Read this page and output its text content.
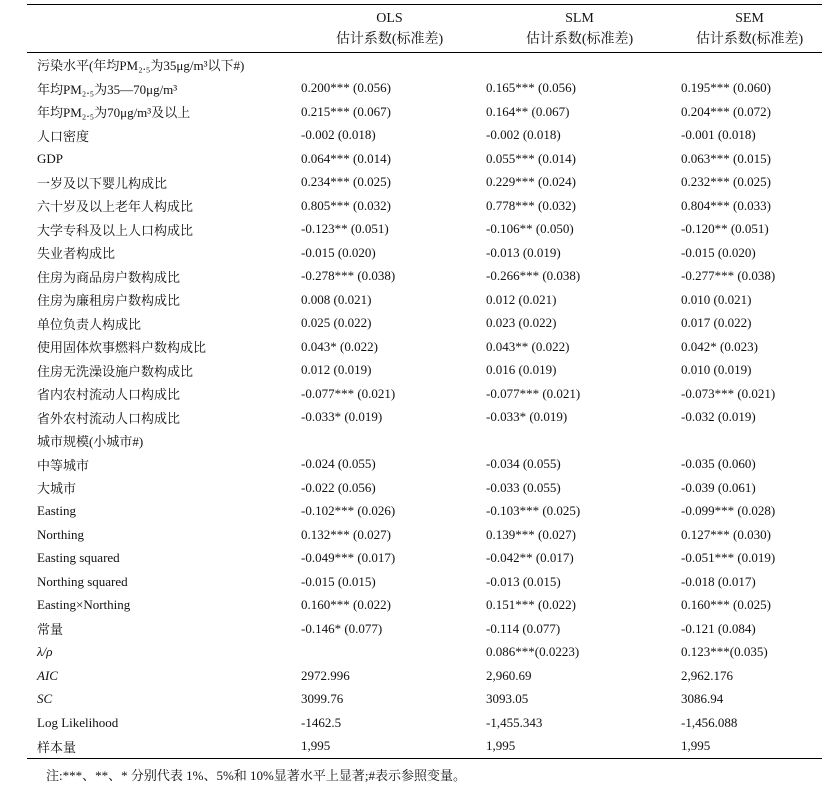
	OLS	SLM	SEM
	估计系数(标准差)	估计系数(标准差)	估计系数(标准差)
污染水平(年均PM₂.₅为35μg/m³以下#)			
年均PM₂.₅为35—70μg/m³	0.200*** (0.056)	0.165*** (0.056)	0.195*** (0.060)
年均PM₂.₅为70μg/m³及以上	0.215*** (0.067)	0.164** (0.067)	0.204*** (0.072)
人口密度	-0.002 (0.018)	-0.002 (0.018)	-0.001 (0.018)
GDP	0.064*** (0.014)	0.055*** (0.014)	0.063*** (0.015)
一岁及以下婴儿构成比	0.234*** (0.025)	0.229*** (0.024)	0.232*** (0.025)
六十岁及以上老年人构成比	0.805*** (0.032)	0.778*** (0.032)	0.804*** (0.033)
大学专科及以上人口构成比	-0.123** (0.051)	-0.106** (0.050)	-0.120** (0.051)
失业者构成比	-0.015 (0.020)	-0.013 (0.019)	-0.015 (0.020)
住房为商品房户数构成比	-0.278*** (0.038)	-0.266*** (0.038)	-0.277*** (0.038)
住房为廉租房户数构成比	0.008 (0.021)	0.012 (0.021)	0.010 (0.021)
单位负责人构成比	0.025 (0.022)	0.023 (0.022)	0.017 (0.022)
使用固体炊事燃料户数构成比	0.043* (0.022)	0.043** (0.022)	0.042* (0.023)
住房无洗澡设施户数构成比	0.012 (0.019)	0.016 (0.019)	0.010 (0.019)
省内农村流动人口构成比	-0.077*** (0.021)	-0.077*** (0.021)	-0.073*** (0.021)
省外农村流动人口构成比	-0.033* (0.019)	-0.033* (0.019)	-0.032 (0.019)
城市规模(小城市#)			
中等城市	-0.024 (0.055)	-0.034 (0.055)	-0.035 (0.060)
大城市	-0.022 (0.056)	-0.033 (0.055)	-0.039 (0.061)
Easting	-0.102*** (0.026)	-0.103*** (0.025)	-0.099*** (0.028)
Northing	0.132*** (0.027)	0.139*** (0.027)	0.127*** (0.030)
Easting squared	-0.049*** (0.017)	-0.042** (0.017)	-0.051*** (0.019)
Northing squared	-0.015 (0.015)	-0.013 (0.015)	-0.018 (0.017)
Easting×Northing	0.160*** (0.022)	0.151*** (0.022)	0.160*** (0.025)
常量	-0.146* (0.077)	-0.114 (0.077)	-0.121 (0.084)
λ/ρ		0.086***(0.0223)	0.123***(0.035)
AIC	2972.996	2,960.69	2,962.176
SC	3099.76	3093.05	3086.94
Log Likelihood	-1462.5	-1,455.343	-1,456.088
样本量	1,995	1,995	1,995
注:***、**、* 分别代表 1%、5%和 10%显著水平上显著;#表示参照变量。
